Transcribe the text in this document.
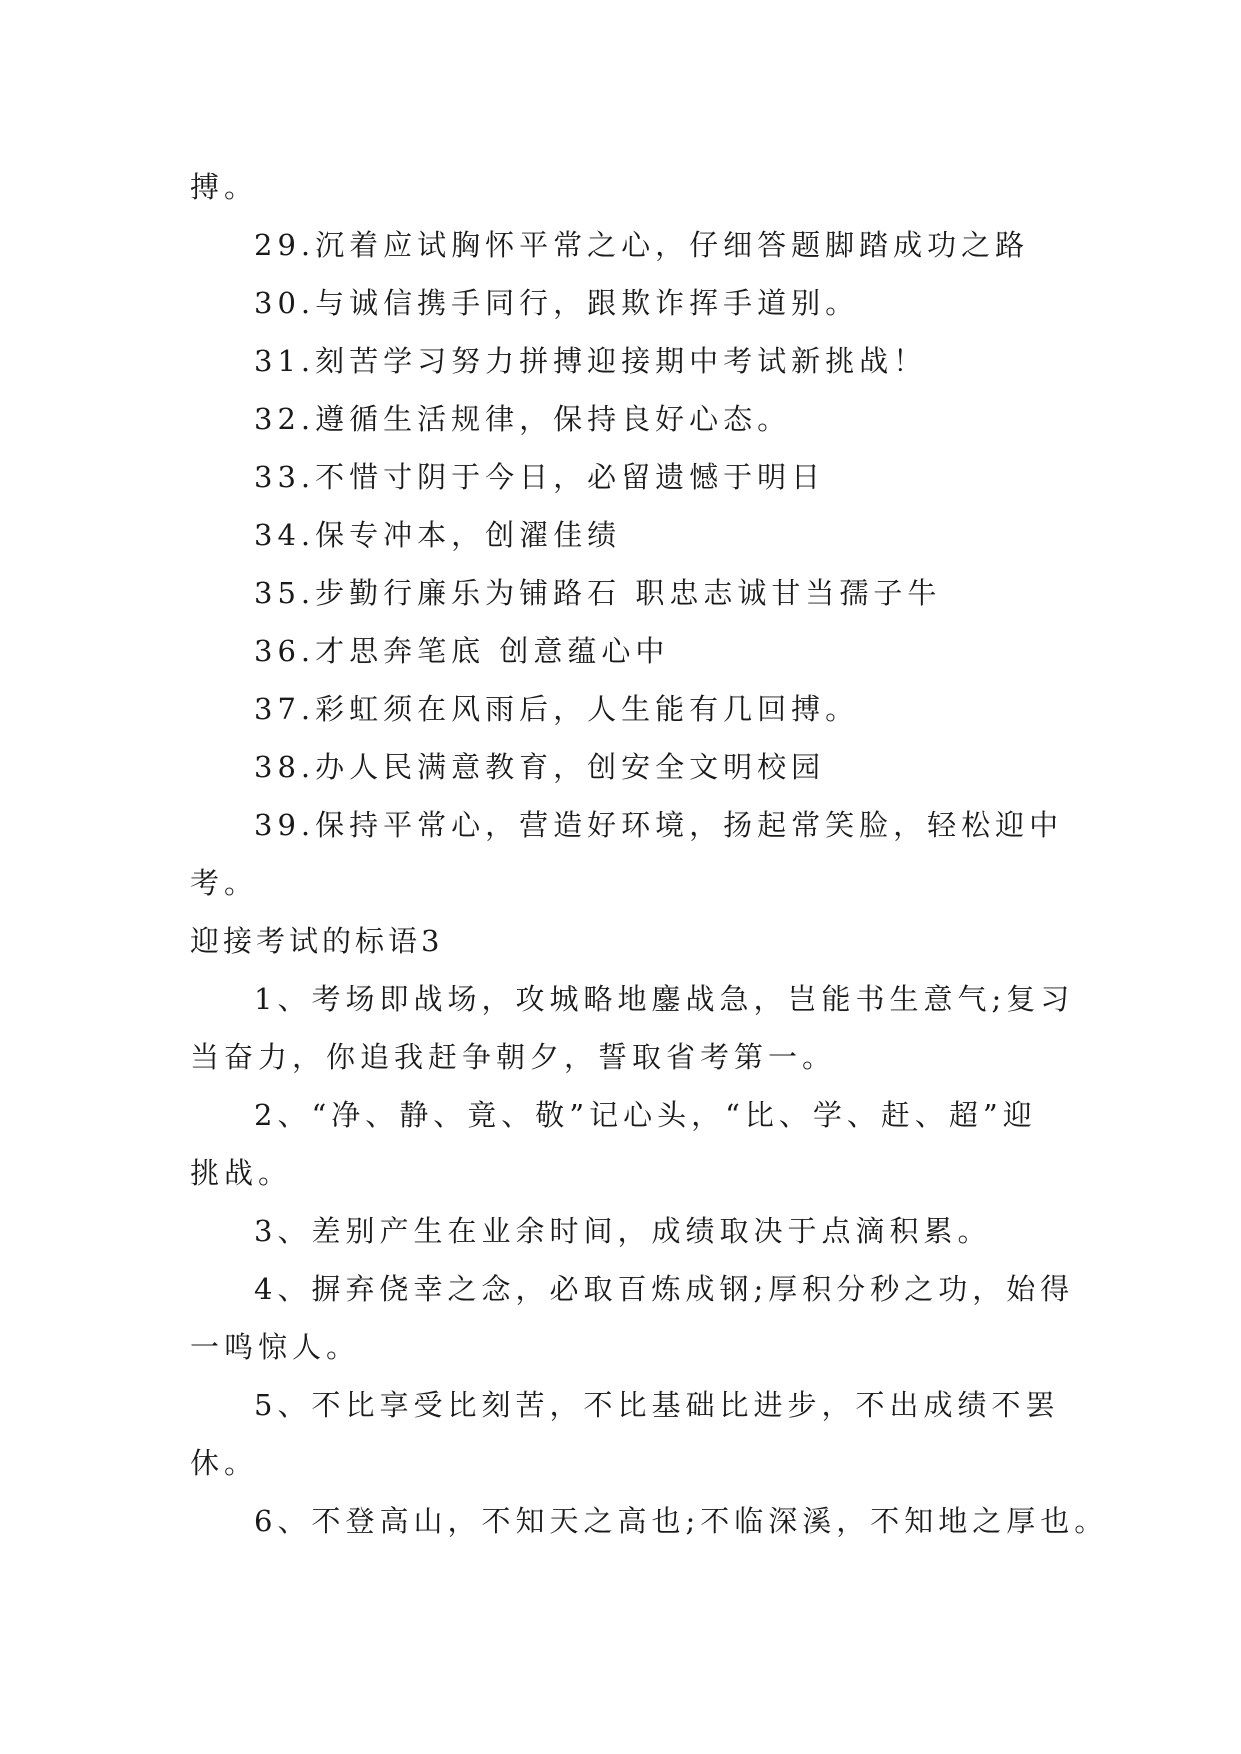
搏。
29.沉着应试胸怀平常之心，仔细答题脚踏成功之路
30.与诚信携手同行，跟欺诈挥手道别。
31.刻苦学习努力拼搏迎接期中考试新挑战！
32.遵循生活规律，保持良好心态。
33.不惜寸阴于今日，必留遗憾于明日
34.保专冲本，创濯佳绩
35.步勤行廉乐为铺路石 职忠志诚甘当孺子牛
36.才思奔笔底 创意蕴心中
37.彩虹须在风雨后，人生能有几回搏。
38.办人民满意教育，创安全文明校园
39.保持平常心，营造好环境，扬起常笑脸，轻松迎中
考。
迎接考试的标语3
1、考场即战场，攻城略地鏖战急，岂能书生意气;复习
当奋力，你追我赶争朝夕，誓取省考第一。
2、“净、静、竟、敬”记心头，“比、学、赶、超”迎
挑战。
3、差别产生在业余时间，成绩取决于点滴积累。
4、摒弃侥幸之念，必取百炼成钢;厚积分秒之功，始得
一鸣惊人。
5、不比享受比刻苦，不比基础比进步，不出成绩不罢
休。
6、不登高山，不知天之高也;不临深溪，不知地之厚也。
